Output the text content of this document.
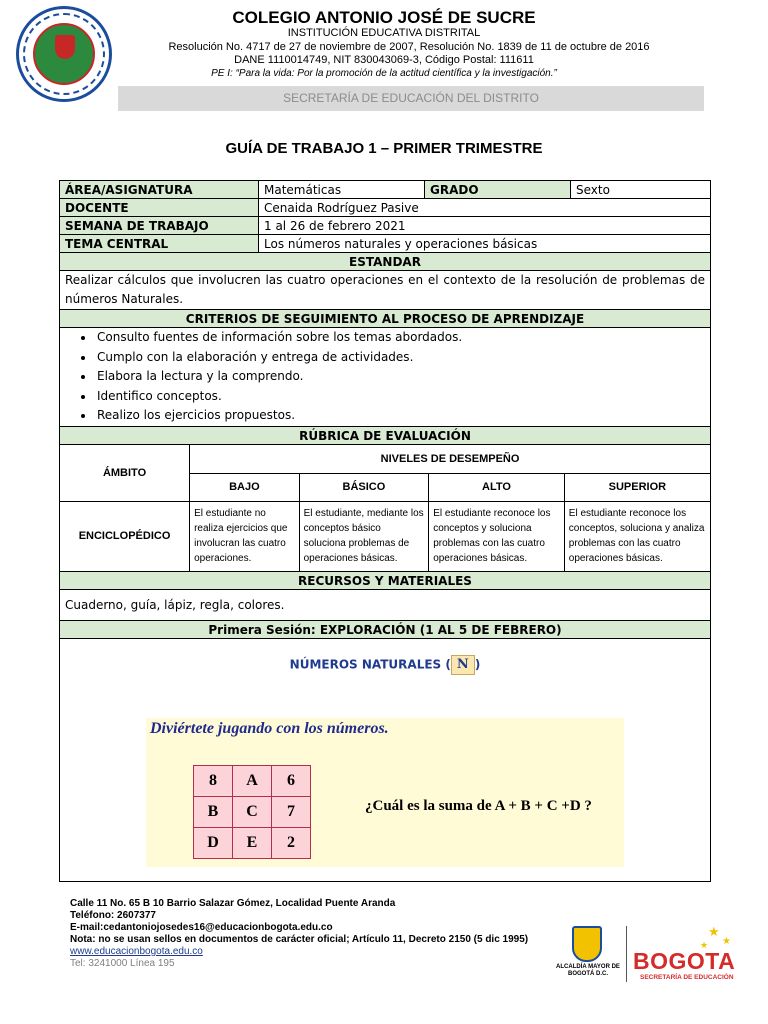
COLEGIO ANTONIO JOSÉ DE SUCRE
INSTITUCIÓN EDUCATIVA DISTRITAL
Resolución No. 4717 de 27 de noviembre de 2007, Resolución No. 1839 de 11 de octubre de 2016
DANE 1110014749, NIT 830043069-3, Código Postal: 111611
PE I: “Para la vida: Por la promoción de la actitud científica y la investigación.”
SECRETARÍA DE EDUCACIÓN DEL DISTRITO
GUÍA DE TRABAJO 1 – PRIMER TRIMESTRE
ÁREA/ASIGNATURA	Matemáticas	GRADO	Sexto
DOCENTE	Cenaida Rodríguez Pasive
SEMANA DE TRABAJO	1 al 26 de febrero 2021
TEMA CENTRAL	Los números naturales y operaciones básicas
ESTANDAR
Realizar cálculos que involucren las cuatro operaciones en el contexto de la resolución de problemas de números Naturales.
CRITERIOS DE SEGUIMIENTO AL PROCESO DE APRENDIZAJE

• Consulto fuentes de información sobre los temas abordados.
• Cumplo con la elaboración y entrega de actividades.
• Elabora la lectura y la comprendo.
• Identifico conceptos.
• Realizo los ejercicios propuestos.

RÚBRICA DE EVALUACIÓN

ÁMBITO	NIVELES DE DESEMPEÑO
BAJO	BÁSICO	ALTO	SUPERIOR
ENCICLOPÉDICO	El estudiante no realiza ejercicios que involucran las cuatro operaciones.	El estudiante, mediante los conceptos básico soluciona problemas de operaciones básicas.	El estudiante reconoce los conceptos y soluciona problemas con las cuatro operaciones básicas.	El estudiante reconoce los conceptos, soluciona y analiza problemas con las cuatro operaciones básicas.

RECURSOS Y MATERIALES
Cuaderno, guía, lápiz, regla, colores.
Primera Sesión: EXPLORACIÓN (1 AL 5 DE FEBRERO)

NÚMEROS NATURALES ( N )
Diviértete jugando con los números.
8	A	6
B	C	7
D	E	2
¿Cuál es la suma de A + B + C +D ?
Calle 11 No. 65 B 10 Barrio Salazar Gómez, Localidad Puente Aranda
Teléfono: 2607377
E-mail:cedantoniojosedes16@educacionbogota.edu.co
Nota: no se usan sellos en documentos de carácter oficial; Artículo 11, Decreto 2150 (5 dic 1995)
www.educacionbogota.edu.co
Tel: 3241000 Línea 195	ALCALDÍA MAYOR DE BOGOTÁ D.C.
★
★
★
BOGOTA
SECRETARÍA DE EDUCACIÓN
